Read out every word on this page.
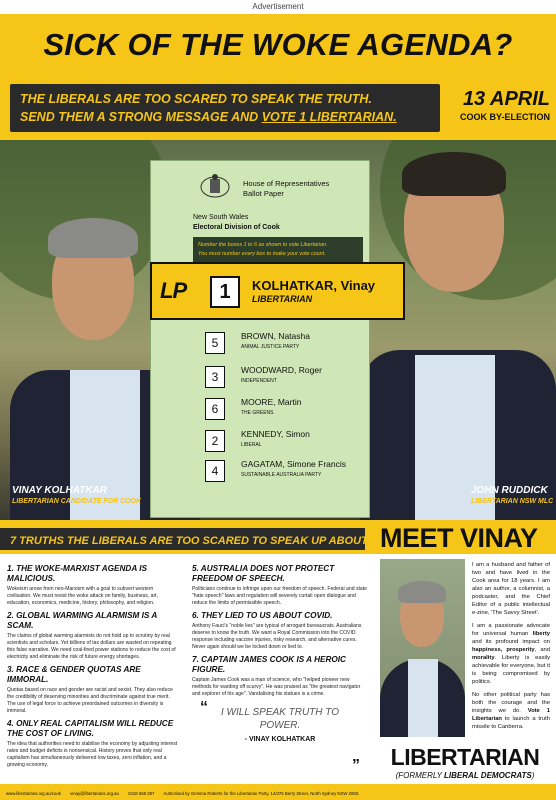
Advertisement
SICK OF THE WOKE AGENDA?
THE LIBERALS ARE TOO SCARED TO SPEAK THE TRUTH.
SEND THEM A STRONG MESSAGE AND VOTE 1 LIBERTARIAN.
13 APRIL
COOK BY-ELECTION
VINAY KOLHATKAR
LIBERTARIAN CANDIDATE FOR COOK
JOHN RUDDICK
LIBERTARIAN NSW MLC
House of Representatives
Ballot Paper
New South Wales
Electoral Division of Cook
Number the boxes 1 to 6 as shown to vote Libertarian.
You must number every box to make your vote count.
LP	1	KOLHATKAR, Vinay
LIBERTARIAN
5	BROWN, Natasha
ANIMAL JUSTICE PARTY
3	WOODWARD, Roger
INDEPENDENT
6	MOORE, Martin
THE GREENS
2	KENNEDY, Simon
LIBERAL
4	GAGATAM, Simone Francis
SUSTAINABLE AUSTRALIA PARTY
7 TRUTHS THE LIBERALS ARE TOO SCARED TO SPEAK UP ABOUT MEET VINAY
1. THE WOKE-MARXIST AGENDA IS MALICIOUS.
Wokeism arose from neo-Marxism with a goal to subvert western civilisation. We must resist the woke attack on family, business, art, education, economics, medicine, history, philosophy, and religion.
2. GLOBAL WARMING ALARMISM IS A SCAM.
The claims of global warming alarmists do not hold up to scrutiny by real scientists and scholars. Yet billions of tax dollars are wasted on repeating this false narrative. We need coal-fired power stations to reduce the cost of electricity and eliminate the risk of future energy shortages.
3. RACE & GENDER QUOTAS ARE IMMORAL.
Quotas based on race and gender are racist and sexist. They also reduce the credibility of deserving minorities and discriminate against true merit. The use of legal force to achieve preordained outcomes in diversity is immoral.
4. ONLY REAL CAPITALISM WILL REDUCE THE COST OF LIVING.
The idea that authorities need to stabilise the economy by adjusting interest rates and budget deficits is nonsensical. History proves that only real capitalism has simultaneously delivered low taxes, zero inflation, and a growing economy.
5. AUSTRALIA DOES NOT PROTECT FREEDOM OF SPEECH.
Politicians continue to infringe upon our freedom of speech. Federal and state "hate speech" laws and regulation will severely curtail open dialogue and reduce the limits of permissible speech.
6. THEY LIED TO US ABOUT COVID.
Anthony Fauci's "noble lies" are typical of arrogant bureaucrats. Australians deserve to know the truth. We want a Royal Commission into the COVID response including vaccine injuries, risky research, and alternative cures. Never again should we be locked down or lied to.
7. CAPTAIN JAMES COOK IS A HEROIC FIGURE.
Captain James Cook was a man of science, who "helped pioneer new methods for warding off scurvy". He was praised as "the greatest navigator and explorer of his age". Vandalising his statues is a crime.
“	I WILL SPEAK TRUTH TO POWER.
- VINAY KOLHATKAR
”

I am a husband and father of two and have lived in the Cook area for 18 years. I am also an author, a columnist, a podcaster, and the Chief Editor of a public intellectual e-zine, 'The Savvy Street'.

I am a passionate advocate for universal human liberty and its profound impact on happiness, prosperity, and morality. Liberty is easily achievable for everyone, but it is being compromised by politics.

No other political party has both the courage and the insights we do. Vote 1 Libertarian to launch a truth missile to Canberra.

LIBERTARIAN
(FORMERLY LIBERAL DEMOCRATS)
www.libertarians.org.au/cook vinay@libertarians.org.au 0418 568 387 Authorised by Gemma Roberts for the Libertarian Party, 14/376 Berry Street, North Sydney NSW 2060.
